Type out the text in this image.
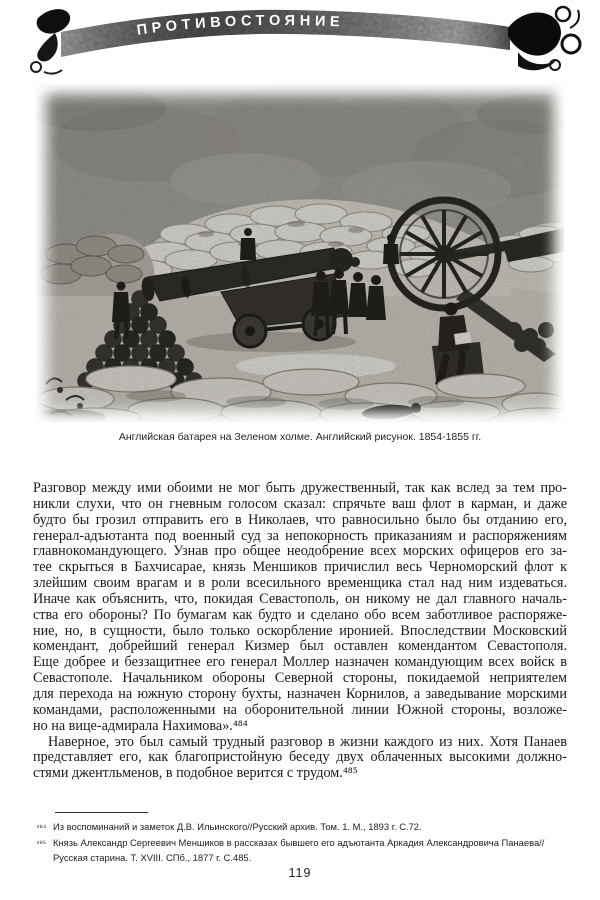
ПРОТИВОСТОЯНИЕ
Английская батарея на Зеленом холме. Английский рисунок. 1854-1855 гг.
Разговор между ими обоими не мог быть дружественный, так как вслед за тем про-
никли слухи, что он гневным голосом сказал: спрячьте ваш флот в карман, и даже
будто бы грозил отправить его в Николаев, что равносильно было бы отданию его,
генерал-адъютанта под военный суд за непокорность приказаниям и распоряжениям
главнокомандующего. Узнав про общее неодобрение всех морских офицеров его за-
тее скрыться в Бахчисарае, князь Меншиков причислил весь Черноморский флот к
злейшим своим врагам и в роли всесильного временщика стал над ним издеваться.
Иначе как объяснить, что, покидая Севастополь, он никому не дал главного началь-
ства его обороны? По бумагам как будто и сделано обо всем заботливое распоряже-
ние, но, в сущности, было только оскорбление иронией. Впоследствии Московский
комендант, добрейший генерал Кизмер был оставлен комендантом Севастополя.
Еще добрее и беззащитнее его генерал Моллер назначен командующим всех войск в
Севастополе. Начальником обороны Северной стороны, покидаемой неприятелем
для перехода на южную сторону бухты, назначен Корнилов, а заведывание морскими
командами, расположенными на оборонительной линии Южной стороны, возложе-
но на вице-адмирала Нахимова».⁴⁸⁴
Наверное, это был самый трудный разговор в жизни каждого из них. Хотя Панаев
представляет его, как благопристойную беседу двух облаченных высокими должно-
стями джентльменов, в подобное верится с трудом.⁴⁸⁵
⁴⁸⁴ Из воспоминаний и заметок Д.В. Ильинского//Русский архив. Том. 1. М., 1893 г. С.72.
⁴⁸⁵ Князь Александр Сергеевич Меншиков в рассказах бывшего его адъютанта Аркадия Александровича Панаева//Русская старина. Т. XVIII. СПб., 1877 г. С.485.
119
